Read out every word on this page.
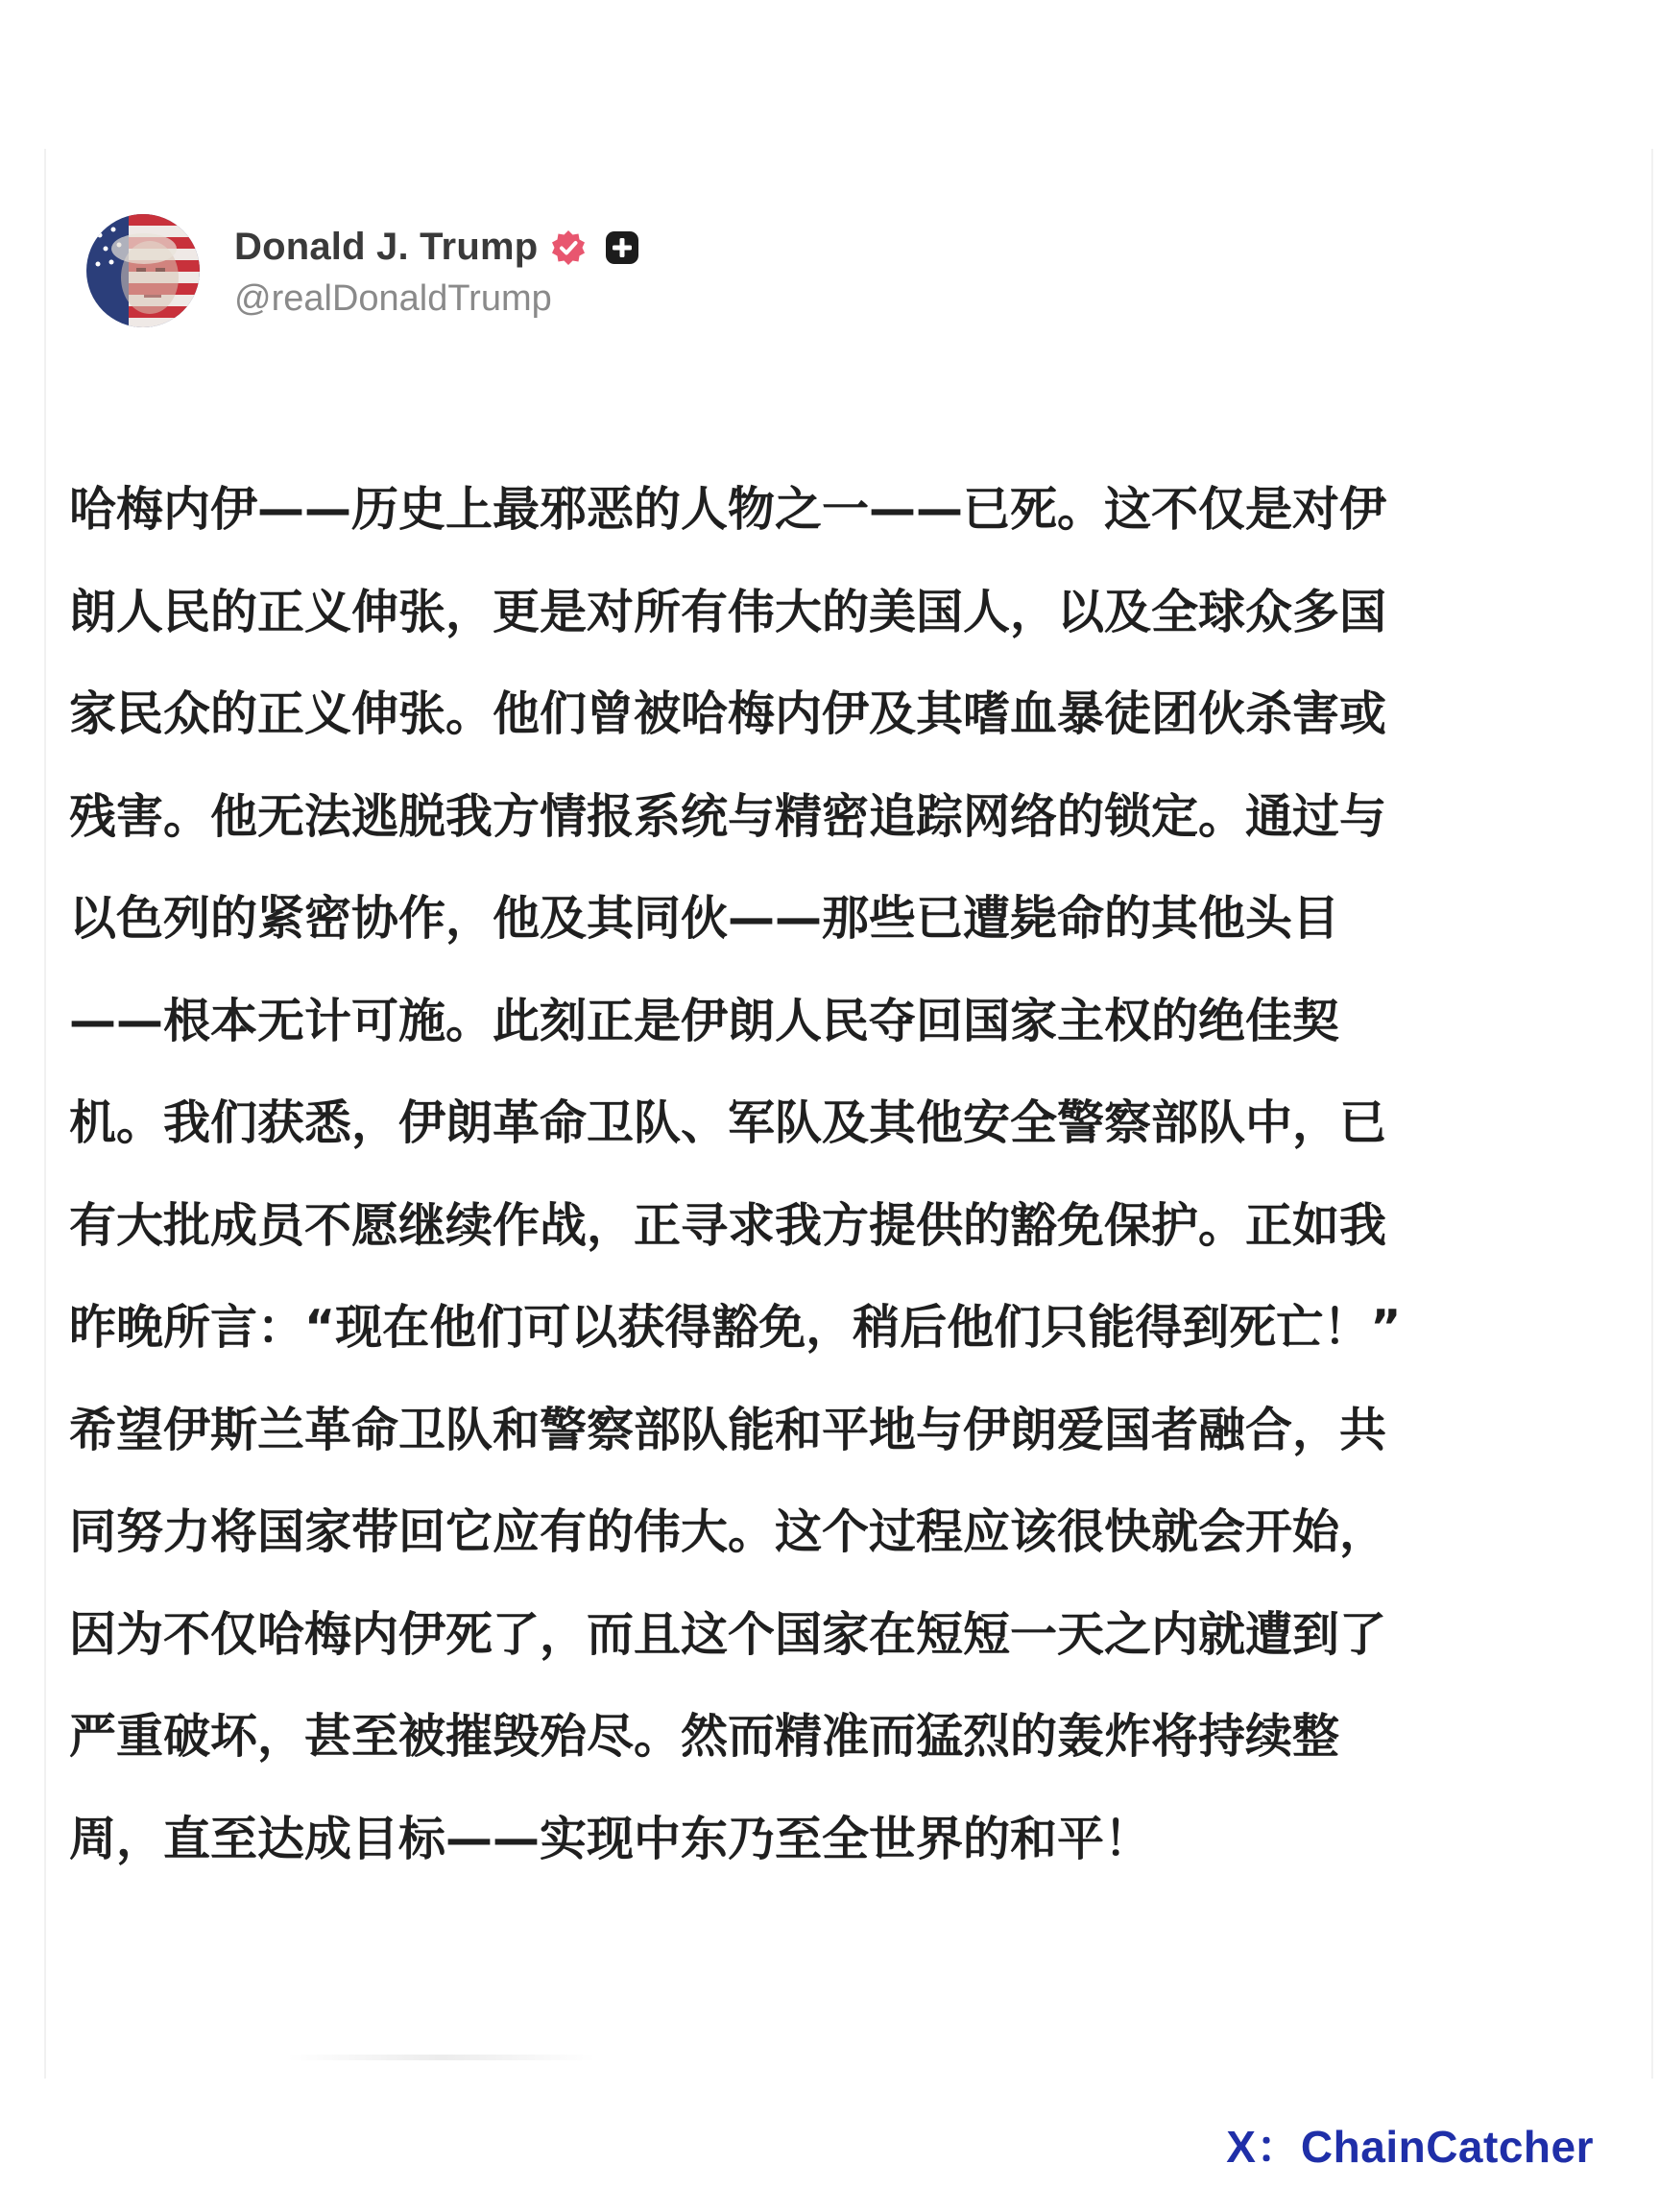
Donald J. Trump
@realDonaldTrump

哈梅内伊——历史上最邪恶的人物之一——已死。这不仅是对伊
朗人民的正义伸张，更是对所有伟大的美国人，以及全球众多国
家民众的正义伸张。他们曾被哈梅内伊及其嗜血暴徒团伙杀害或
残害。他无法逃脱我方情报系统与精密追踪网络的锁定。通过与
以色列的紧密协作，他及其同伙——那些已遭毙命的其他头目
——根本无计可施。此刻正是伊朗人民夺回国家主权的绝佳契
机。我们获悉，伊朗革命卫队、军队及其他安全警察部队中，已
有大批成员不愿继续作战，正寻求我方提供的豁免保护。正如我
昨晚所言：“现在他们可以获得豁免，稍后他们只能得到死亡！”
希望伊斯兰革命卫队和警察部队能和平地与伊朗爱国者融合，共
同努力将国家带回它应有的伟大。这个过程应该很快就会开始，
因为不仅哈梅内伊死了，而且这个国家在短短一天之内就遭到了
严重破坏，甚至被摧毁殆尽。然而精准而猛烈的轰炸将持续整
周，直至达成目标——实现中东乃至全世界的和平！

X：ChainCatcher
